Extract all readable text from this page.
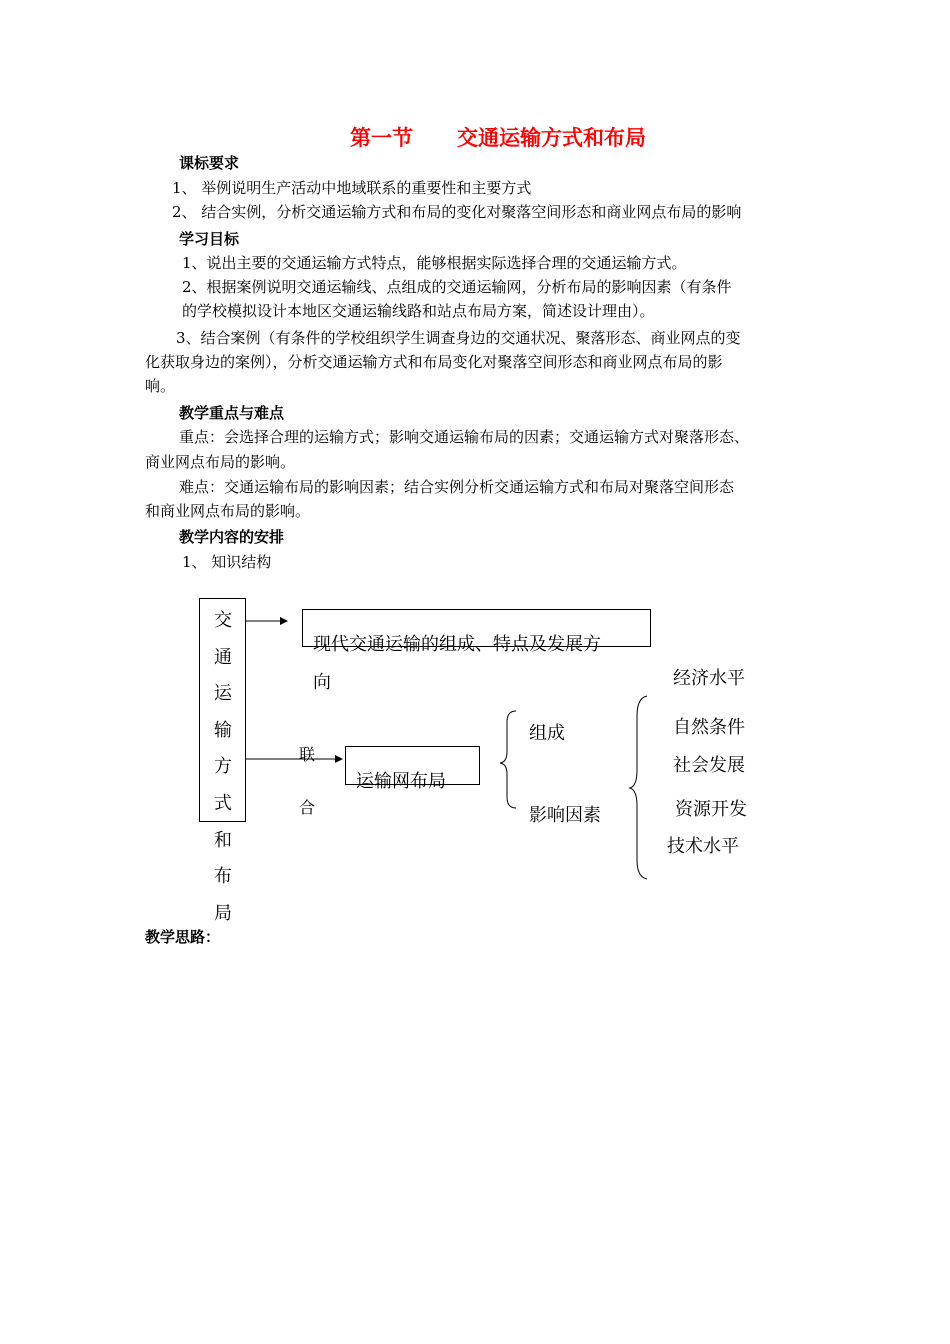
第一节 交通运输方式和布局
课标要求
1、 举例说明生产活动中地域联系的重要性和主要方式
2、 结合实例，分析交通运输方式和布局的变化对聚落空间形态和商业网点布局的影响
学习目标
1、说出主要的交通运输方式特点，能够根据实际选择合理的交通运输方式。
2、根据案例说明交通运输线、点组成的交通运输网，分析布局的影响因素（有条件
的学校模拟设计本地区交通运输线路和站点布局方案，简述设计理由）。
3、结合案例（有条件的学校组织学生调查身边的交通状况、聚落形态、商业网点的变
化获取身边的案例），分析交通运输方式和布局变化对聚落空间形态和商业网点布局的影
响。
教学重点与难点
重点：会选择合理的运输方式；影响交通运输布局的因素；交通运输方式对聚落形态、
商业网点布局的影响。
难点：交通运输布局的影响因素；结合实例分析交通运输方式和布局对聚落空间形态
和商业网点布局的影响。
教学内容的安排
1、 知识结构
交
通
运
输
方
式
和
布
局
现代交通运输的组成、特点及发展方
向
联
合
运输网布局
组成
影响因素
经济水平
自然条件
社会发展
资源开发
技术水平
教学思路：
